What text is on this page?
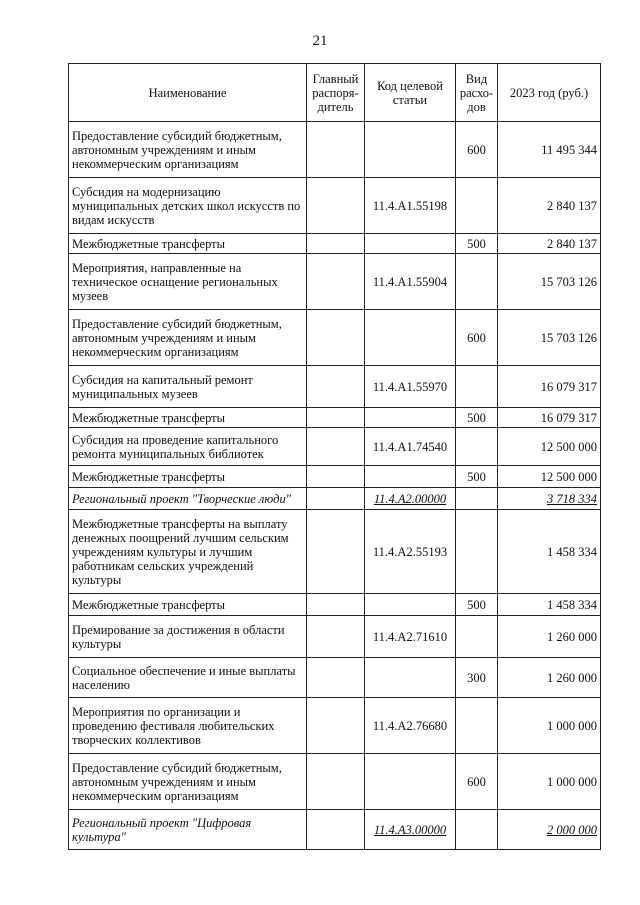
21
Наименование	Главный распоря-дитель	Код целевой статьи	Вид расхо-дов	2023 год (руб.)
Предоставление субсидий бюджетным, автономным учреждениям и иным некоммерческим организациям			600	11 495 344
Субсидия на модернизацию муниципальных детских школ искусств по видам искусств		11.4.А1.55198		2 840 137
Межбюджетные трансферты			500	2 840 137
Мероприятия, направленные на техническое оснащение региональных музеев		11.4.А1.55904		15 703 126
Предоставление субсидий бюджетным, автономным учреждениям и иным некоммерческим организациям			600	15 703 126
Субсидия на капитальный ремонт муниципальных музеев		11.4.А1.55970		16 079 317
Межбюджетные трансферты			500	16 079 317
Субсидия на проведение капитального ремонта муниципальных библиотек		11.4.А1.74540		12 500 000
Межбюджетные трансферты			500	12 500 000
Региональный проект "Творческие люди"		11.4.А2.00000		3 718 334
Межбюджетные трансферты на выплату денежных поощрений лучшим сельским учреждениям культуры и лучшим работникам сельских учреждений культуры		11.4.А2.55193		1 458 334
Межбюджетные трансферты			500	1 458 334
Премирование за достижения в области культуры		11.4.А2.71610		1 260 000
Социальное обеспечение и иные выплаты населению			300	1 260 000
Мероприятия по организации и проведению фестиваля любительских творческих коллективов		11.4.А2.76680		1 000 000
Предоставление субсидий бюджетным, автономным учреждениям и иным некоммерческим организациям			600	1 000 000
Региональный проект "Цифровая культура"		11.4.А3.00000		2 000 000
